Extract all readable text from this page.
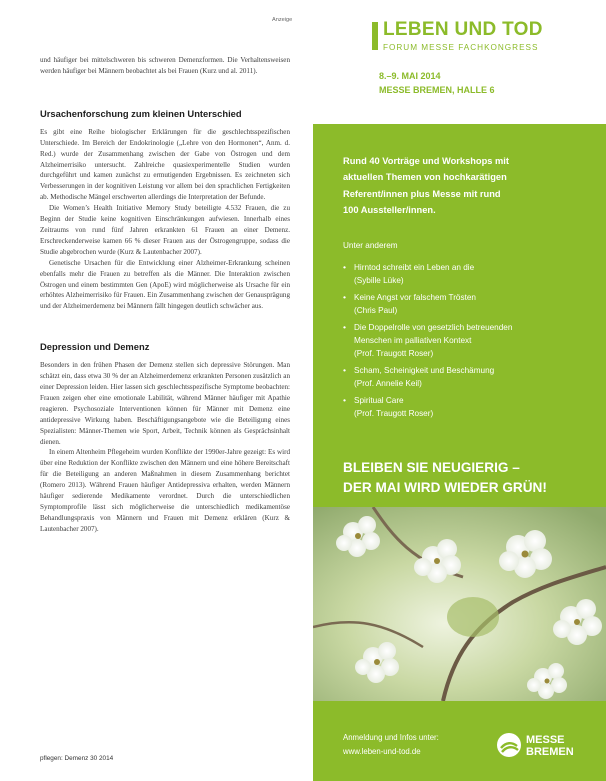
Anzeige

und häufiger bei mittelschweren bis schweren Demenzformen. Die Verhaltensweisen werden häufiger bei Männern beobachtet als bei Frauen (Kurz und al. 2011).

Ursachenforschung zum kleinen Unterschied

Es gibt eine Reihe biologischer Erklärungen für die geschlechtsspezifischen Unterschiede. Im Bereich der Endokrinologie („Lehre von den Hormonen“, Anm. d. Red.) wurde der Zusammenhang zwischen der Gabe von Östrogen und dem Alzheimerrisiko untersucht. Zahlreiche quasiexperimentelle Studien wurden durchgeführt und kamen zunächst zu ermutigenden Ergebnissen. Es zeichneten sich Verbesserungen in der kognitiven Leistung vor allem bei den sprachlichen Fertigkeiten ab. Methodische Mängel erschwerten allerdings die Interpretation der Befunde.

Die Women’s Health Initiative Memory Study beteiligte 4.532 Frauen, die zu Beginn der Studie keine kognitiven Einschränkungen aufwiesen. Innerhalb eines Zeitraums von rund fünf Jahren erkrankten 61 Frauen an einer Demenz. Erschreckenderweise kamen 66 % dieser Frauen aus der Östrogengruppe, sodass die Studie abgebrochen wurde (Kurz & Lautenbacher 2007).

Genetische Ursachen für die Entwicklung einer Alzheimer-Erkrankung scheinen ebenfalls mehr die Frauen zu betreffen als die Männer. Die Interaktion zwischen Östrogen und einem bestimmten Gen (ApoE) wird möglicherweise als Ursache für ein erhöhtes Alzheimerrisiko für Frauen. Ein Zusammenhang zwischen der Genausprägung und der Alzheimerdemenz bei Männern fällt hingegen deutlich schwächer aus.

Depression und Demenz

Besonders in den frühen Phasen der Demenz stellen sich depressive Störungen. Man schätzt ein, dass etwa 30 % der an Alzheimerdemenz erkrankten Personen zusätzlich an einer Depression leiden. Hier lassen sich geschlechtsspezifische Symptome beobachten: Frauen zeigen eher eine emotionale Labilität, während Männer häufiger mit Apathie reagieren. Psychosoziale Interventionen können für Männer mit Demenz eine antidepressive Wirkung haben. Beschäftigungsangebote wie die Beteiligung eines Spezialisten: Männer-Themen wie Sport, Arbeit, Technik können als Gesprächsinhalt dienen.

In einem Altenheim Pflegeheim wurden Konflikte der 1990er-Jahre gezeigt: Es wird über eine Reduktion der Konflikte zwischen den Männern und eine höhere Bereitschaft für die Beteiligung an anderen Maßnahmen in diesem Zusammenhang berichtet (Romero 2013). Während Frauen häufiger Antidepressiva erhalten, werden Männern häufiger sedierende Medikamente verordnet. Durch die unterschiedlichen Symptomprofile lässt sich möglicherweise die unterschiedlich medikamentöse Behandlungspraxis von Männern und Frauen mit Demenz erklären (Kurz & Lautenbacher 2007).

pflegen: Demenz 30 2014
LEBEN UND TOD
FORUM MESSE FACHKONGRESS
8.–9. MAI 2014
MESSE BREMEN, HALLE 6

Rund 40 Vorträge und Workshops mit
aktuellen Themen von hochkarätigen
Referent/innen plus Messe mit rund
100 Aussteller/innen.

Unter anderem
• Hirntod schreibt ein Leben an die
(Sybille Lüke)
• Keine Angst vor falschem Trösten
(Chris Paul)
• Die Doppelrolle von gesetzlich betreuenden
Menschen im palliativen Kontext
(Prof. Traugott Roser)
• Scham, Scheinigkeit und Beschämung
(Prof. Annelie Keil)
• Spiritual Care
(Prof. Traugott Roser)
BLEIBEN SIE NEUGIERIG –
DER MAI WIRD WIEDER GRÜN!
Anmeldung und Infos unter:
www.leben-und-tod.de
MESSE
BREMEN
